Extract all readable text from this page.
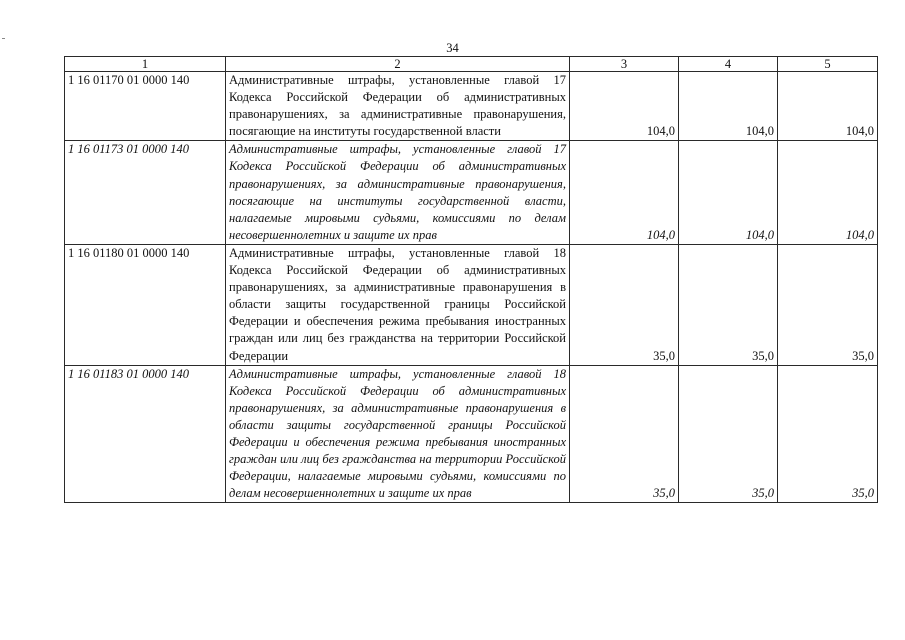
34
1	2	3	4	5
1 16 01170 01 0000 140	Административные штрафы, установленные главой 17 Кодекса Российской Федерации об административных правонарушениях, за административные правонарушения, посягающие на институты государственной власти	104,0	104,0	104,0
1 16 01173 01 0000 140	Административные штрафы, установленные главой 17 Кодекса Российской Федерации об административных правонарушениях, за административные правонарушения, посягающие на институты государственной власти, налагаемые мировыми судьями, комиссиями по делам несовершеннолетних и защите их прав	104,0	104,0	104,0
1 16 01180 01 0000 140	Административные штрафы, установленные главой 18 Кодекса Российской Федерации об административных правонарушениях, за административные правонарушения в области защиты государственной границы Российской Федерации и обеспечения режима пребывания иностранных граждан или лиц без гражданства на территории Российской Федерации	35,0	35,0	35,0
1 16 01183 01 0000 140	Административные штрафы, установленные главой 18 Кодекса Российской Федерации об административных правонарушениях, за административные правонарушения в области защиты государственной границы Российской Федерации и обеспечения режима пребывания иностранных граждан или лиц без гражданства на территории Российской Федерации, налагаемые мировыми судьями, комиссиями по делам несовершеннолетних и защите их прав	35,0	35,0	35,0
